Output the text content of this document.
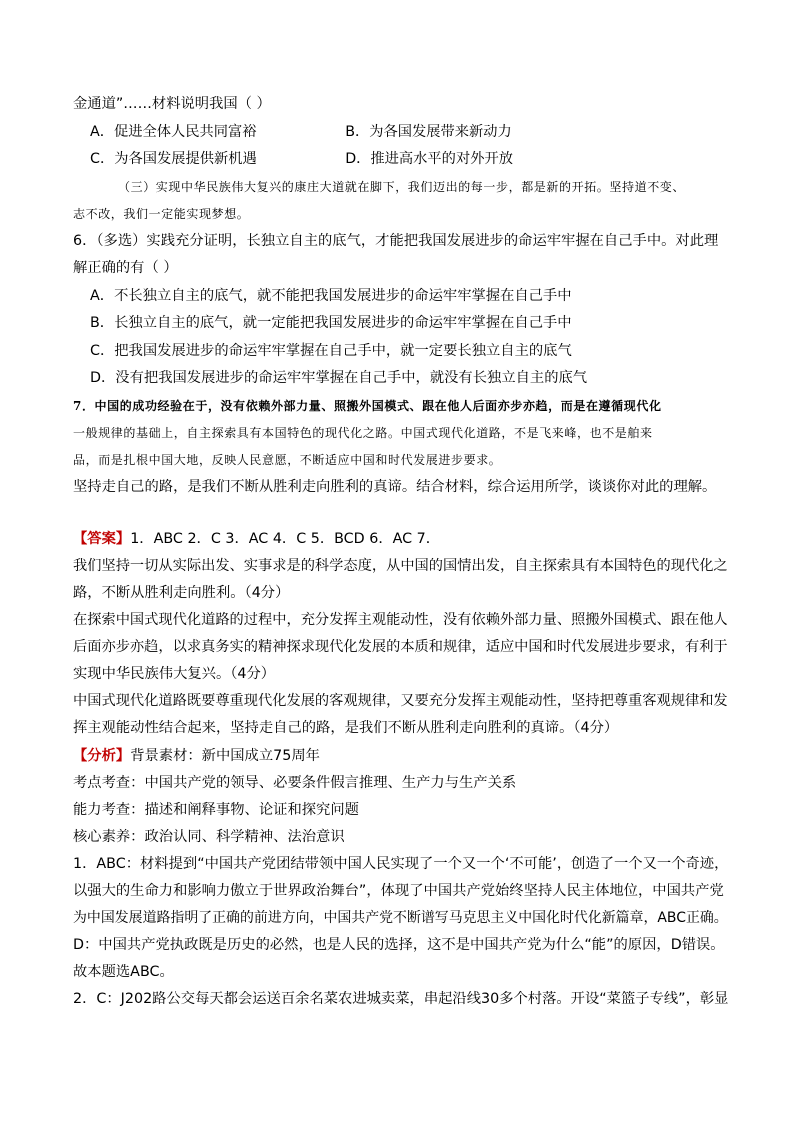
金通道”……材料说明我国（ ）
A．促进全体人民共同富裕	B．为各国发展带来新动力
C．为各国发展提供新机遇	D．推进高水平的对外开放
（三）实现中华民族伟大复兴的康庄大道就在脚下，我们迈出的每一步，都是新的开拓。坚持道不变、
志不改，我们一定能实现梦想。
6．（多选）实践充分证明，长独立自主的底气，才能把我国发展进步的命运牢牢握在自己手中。对此理
解正确的有（ ）
A．不长独立自主的底气，就不能把我国发展进步的命运牢牢掌握在自己手中
B．长独立自主的底气，就一定能把我国发展进步的命运牢牢掌握在自己手中
C．把我国发展进步的命运牢牢掌握在自己手中，就一定要长独立自主的底气
D．没有把我国发展进步的命运牢牢掌握在自己手中，就没有长独立自主的底气
7．中国的成功经验在于，没有依赖外部力量、照搬外国模式、跟在他人后面亦步亦趋，而是在遵循现代化
一般规律的基础上，自主探索具有本国特色的现代化之路。中国式现代化道路，不是飞来峰，也不是舶来
品，而是扎根中国大地，反映人民意愿，不断适应中国和时代发展进步要求。
坚持走自己的路，是我们不断从胜利走向胜利的真谛。结合材料，综合运用所学，谈谈你对此的理解。
【答案】1．ABC 2．C 3．AC 4．C 5．BCD 6．AC 7．
我们坚持一切从实际出发、实事求是的科学态度，从中国的国情出发，自主探索具有本国特色的现代化之
路，不断从胜利走向胜利。（4分）
在探索中国式现代化道路的过程中，充分发挥主观能动性，没有依赖外部力量、照搬外国模式、跟在他人
后面亦步亦趋，以求真务实的精神探求现代化发展的本质和规律，适应中国和时代发展进步要求，有利于
实现中华民族伟大复兴。（4分）
中国式现代化道路既要尊重现代化发展的客观规律，又要充分发挥主观能动性，坚持把尊重客观规律和发
挥主观能动性结合起来，坚持走自己的路，是我们不断从胜利走向胜利的真谛。（4分）
【分析】背景素材：新中国成立75周年
考点考查：中国共产党的领导、必要条件假言推理、生产力与生产关系
能力考查：描述和阐释事物、论证和探究问题
核心素养：政治认同、科学精神、法治意识
1．ABC：材料提到“中国共产党团结带领中国人民实现了一个又一个‘不可能’，创造了一个又一个奇迹，
以强大的生命力和影响力傲立于世界政治舞台”，体现了中国共产党始终坚持人民主体地位，中国共产党
为中国发展道路指明了正确的前进方向，中国共产党不断谱写马克思主义中国化时代化新篇章，ABC正确。
D：中国共产党执政既是历史的必然，也是人民的选择，这不是中国共产党为什么“能”的原因，D错误。
故本题选ABC。
2．C：J202路公交每天都会运送百余名菜农进城卖菜，串起沿线30多个村落。开设“菜篮子专线”，彰显
